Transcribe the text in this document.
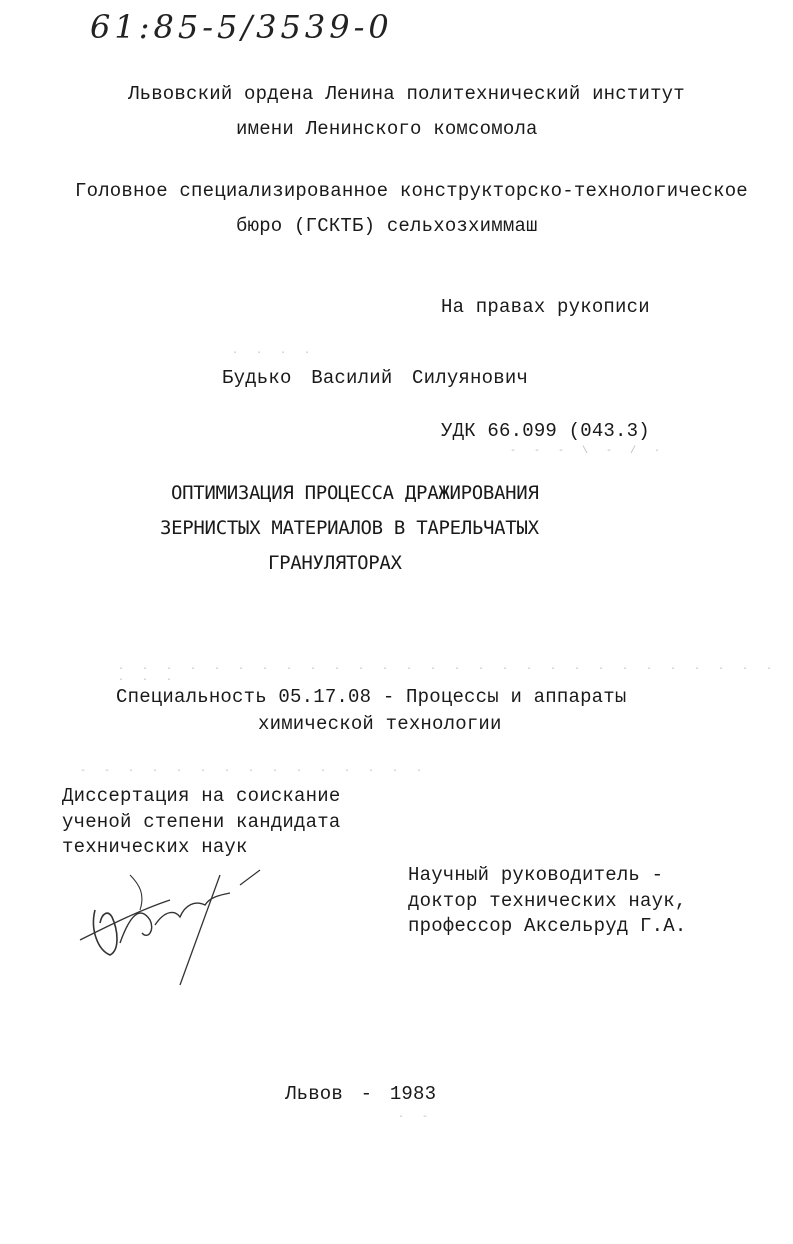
61:85-5/3539-0
Львовский ордена Ленина политехнический институт
имени Ленинского комсомола
Головное специализированное конструкторско-технологическое
бюро (ГСКТБ) сельхозхиммаш
На правах рукописи
Будько Василий Силуянович
УДК 66.099 (043.3)
ОПТИМИЗАЦИЯ ПРОЦЕССА ДРАЖИРОВАНИЯ
ЗЕРНИСТЫХ МАТЕРИАЛОВ В ТАРЕЛЬЧАТЫХ
ГРАНУЛЯТОРАХ
Специальность 05.17.08 - Процессы и аппараты
химической технологии
Диссертация на соискание
ученой степени кандидата
технических наук
Научный руководитель -
доктор технических наук,
профессор Аксельруд Г.А.
Львов - 1983
· · · ·
- - - \ - / ·
· · · · · · · · · · · · · · · · · · · · · · · · · · · · · · ·
- - · · · · · · · · · · · · ·
· -
